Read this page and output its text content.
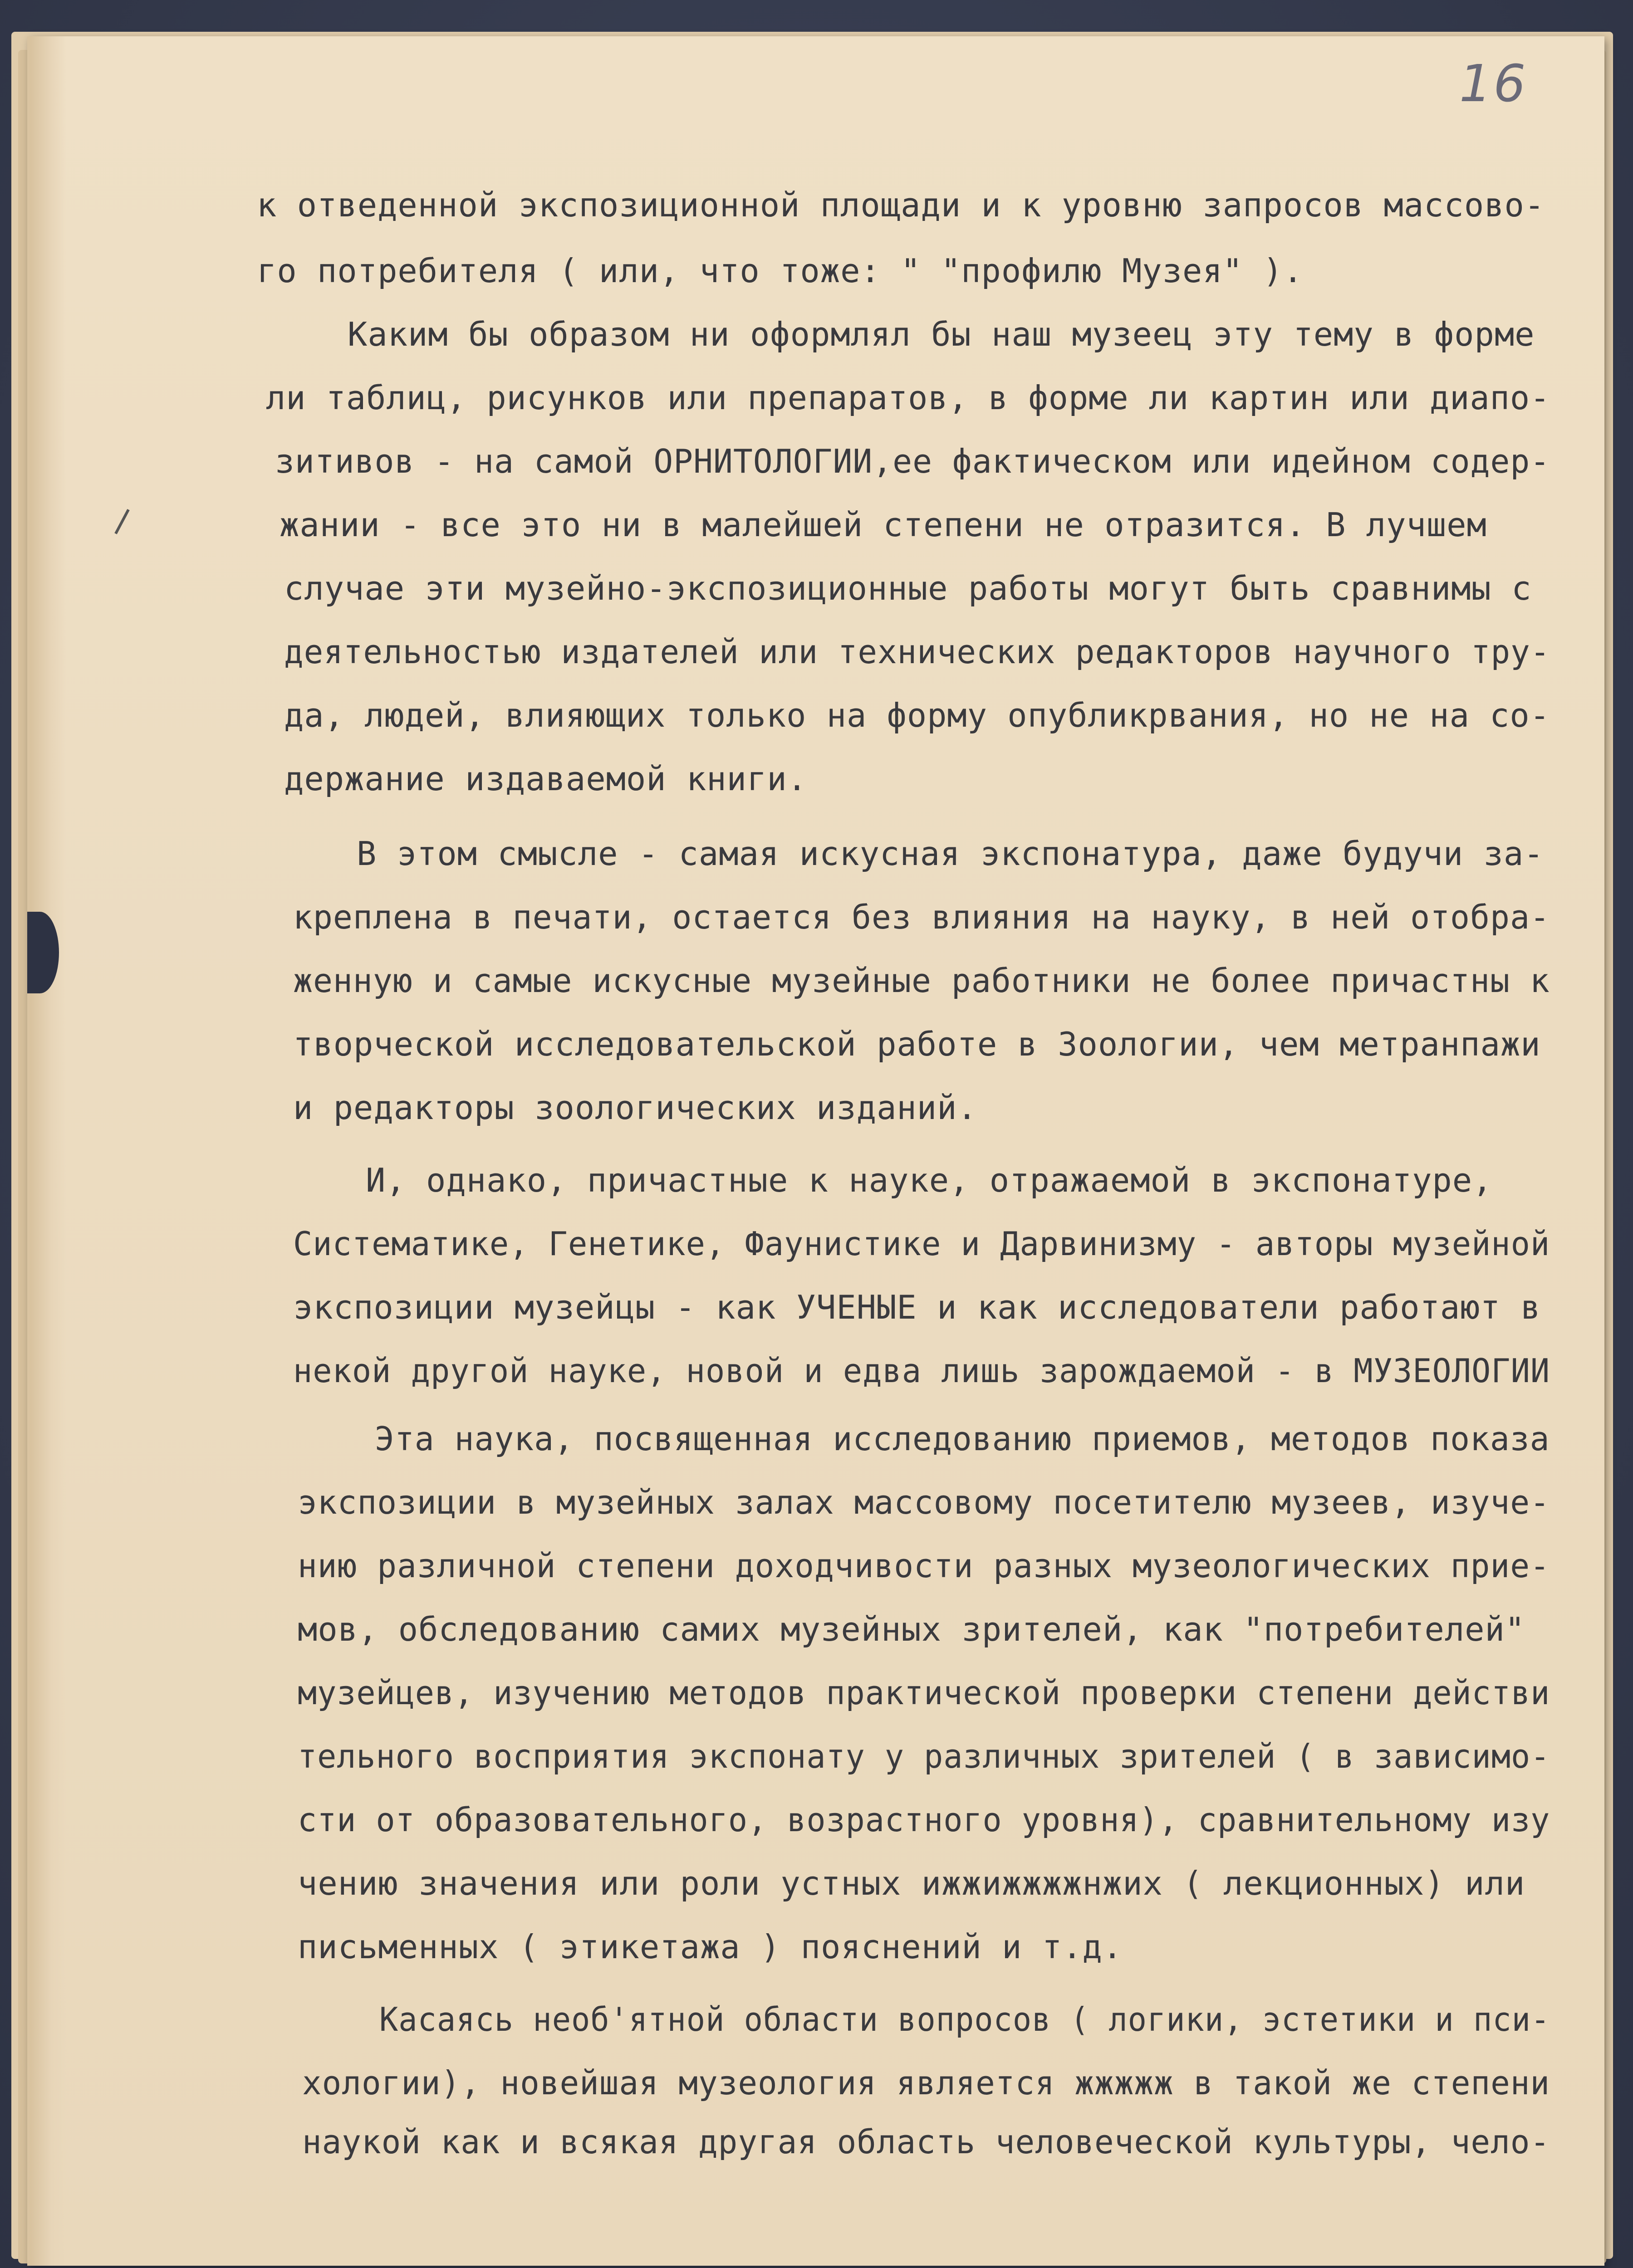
16
к отведенной экспозиционной площади и к уровню запросов массово-
го потребителя ( или, что тоже: " "профилю Музея" ).
Каким бы образом ни оформлял бы наш музеец эту тему в форме
ли таблиц, рисунков или препаратов, в форме ли картин или диапо-
зитивов - на самой ОРНИТОЛОГИИ,ее фактическом или идейном содер-
жании - все это ни в малейшей степени не отразится. В лучшем
случае эти музейно-экспозиционные работы могут быть сравнимы с
деятельностью издателей или технических редакторов научного тру-
да, людей, влияющих только на форму опубликрвания, но не на со-
держание издаваемой книги.
В этом смысле - самая искусная экспонатура, даже будучи за-
креплена в печати, остается без влияния на науку, в ней отобра-
женную и самые искусные музейные работники не более причастны к
творческой исследовательской работе в Зоологии, чем метранпажи
и редакторы зоологических изданий.
И, однако, причастные к науке, отражаемой в экспонатуре,
Систематике, Генетике, Фаунистике и Дарвинизму - авторы музейной
экспозиции музейцы - как УЧЕНЫЕ и как исследователи работают в
некой другой науке, новой и едва лишь зарождаемой - в МУЗЕОЛОГИИ
Эта наука, посвященная исследованию приемов, методов показа
экспозиции в музейных залах массовому посетителю музеев, изуче-
нию различной степени доходчивости разных музеологических прие-
мов, обследованию самих музейных зрителей, как "потребителей"
музейцев, изучению методов практической проверки степени действи
тельного восприятия экспонату у различных зрителей ( в зависимо-
сти от образовательного, возрастного уровня), сравнительному изу
чению значения или роли устных ижжижжжжнжих ( лекционных) или
письменных ( этикетажа ) пояснений и т.д.
Касаясь необ'ятной области вопросов ( логики, эстетики и пси-
хологии), новейшая музеология является жжжжж в такой же степени
наукой как и всякая другая область человеческой культуры, чело-
